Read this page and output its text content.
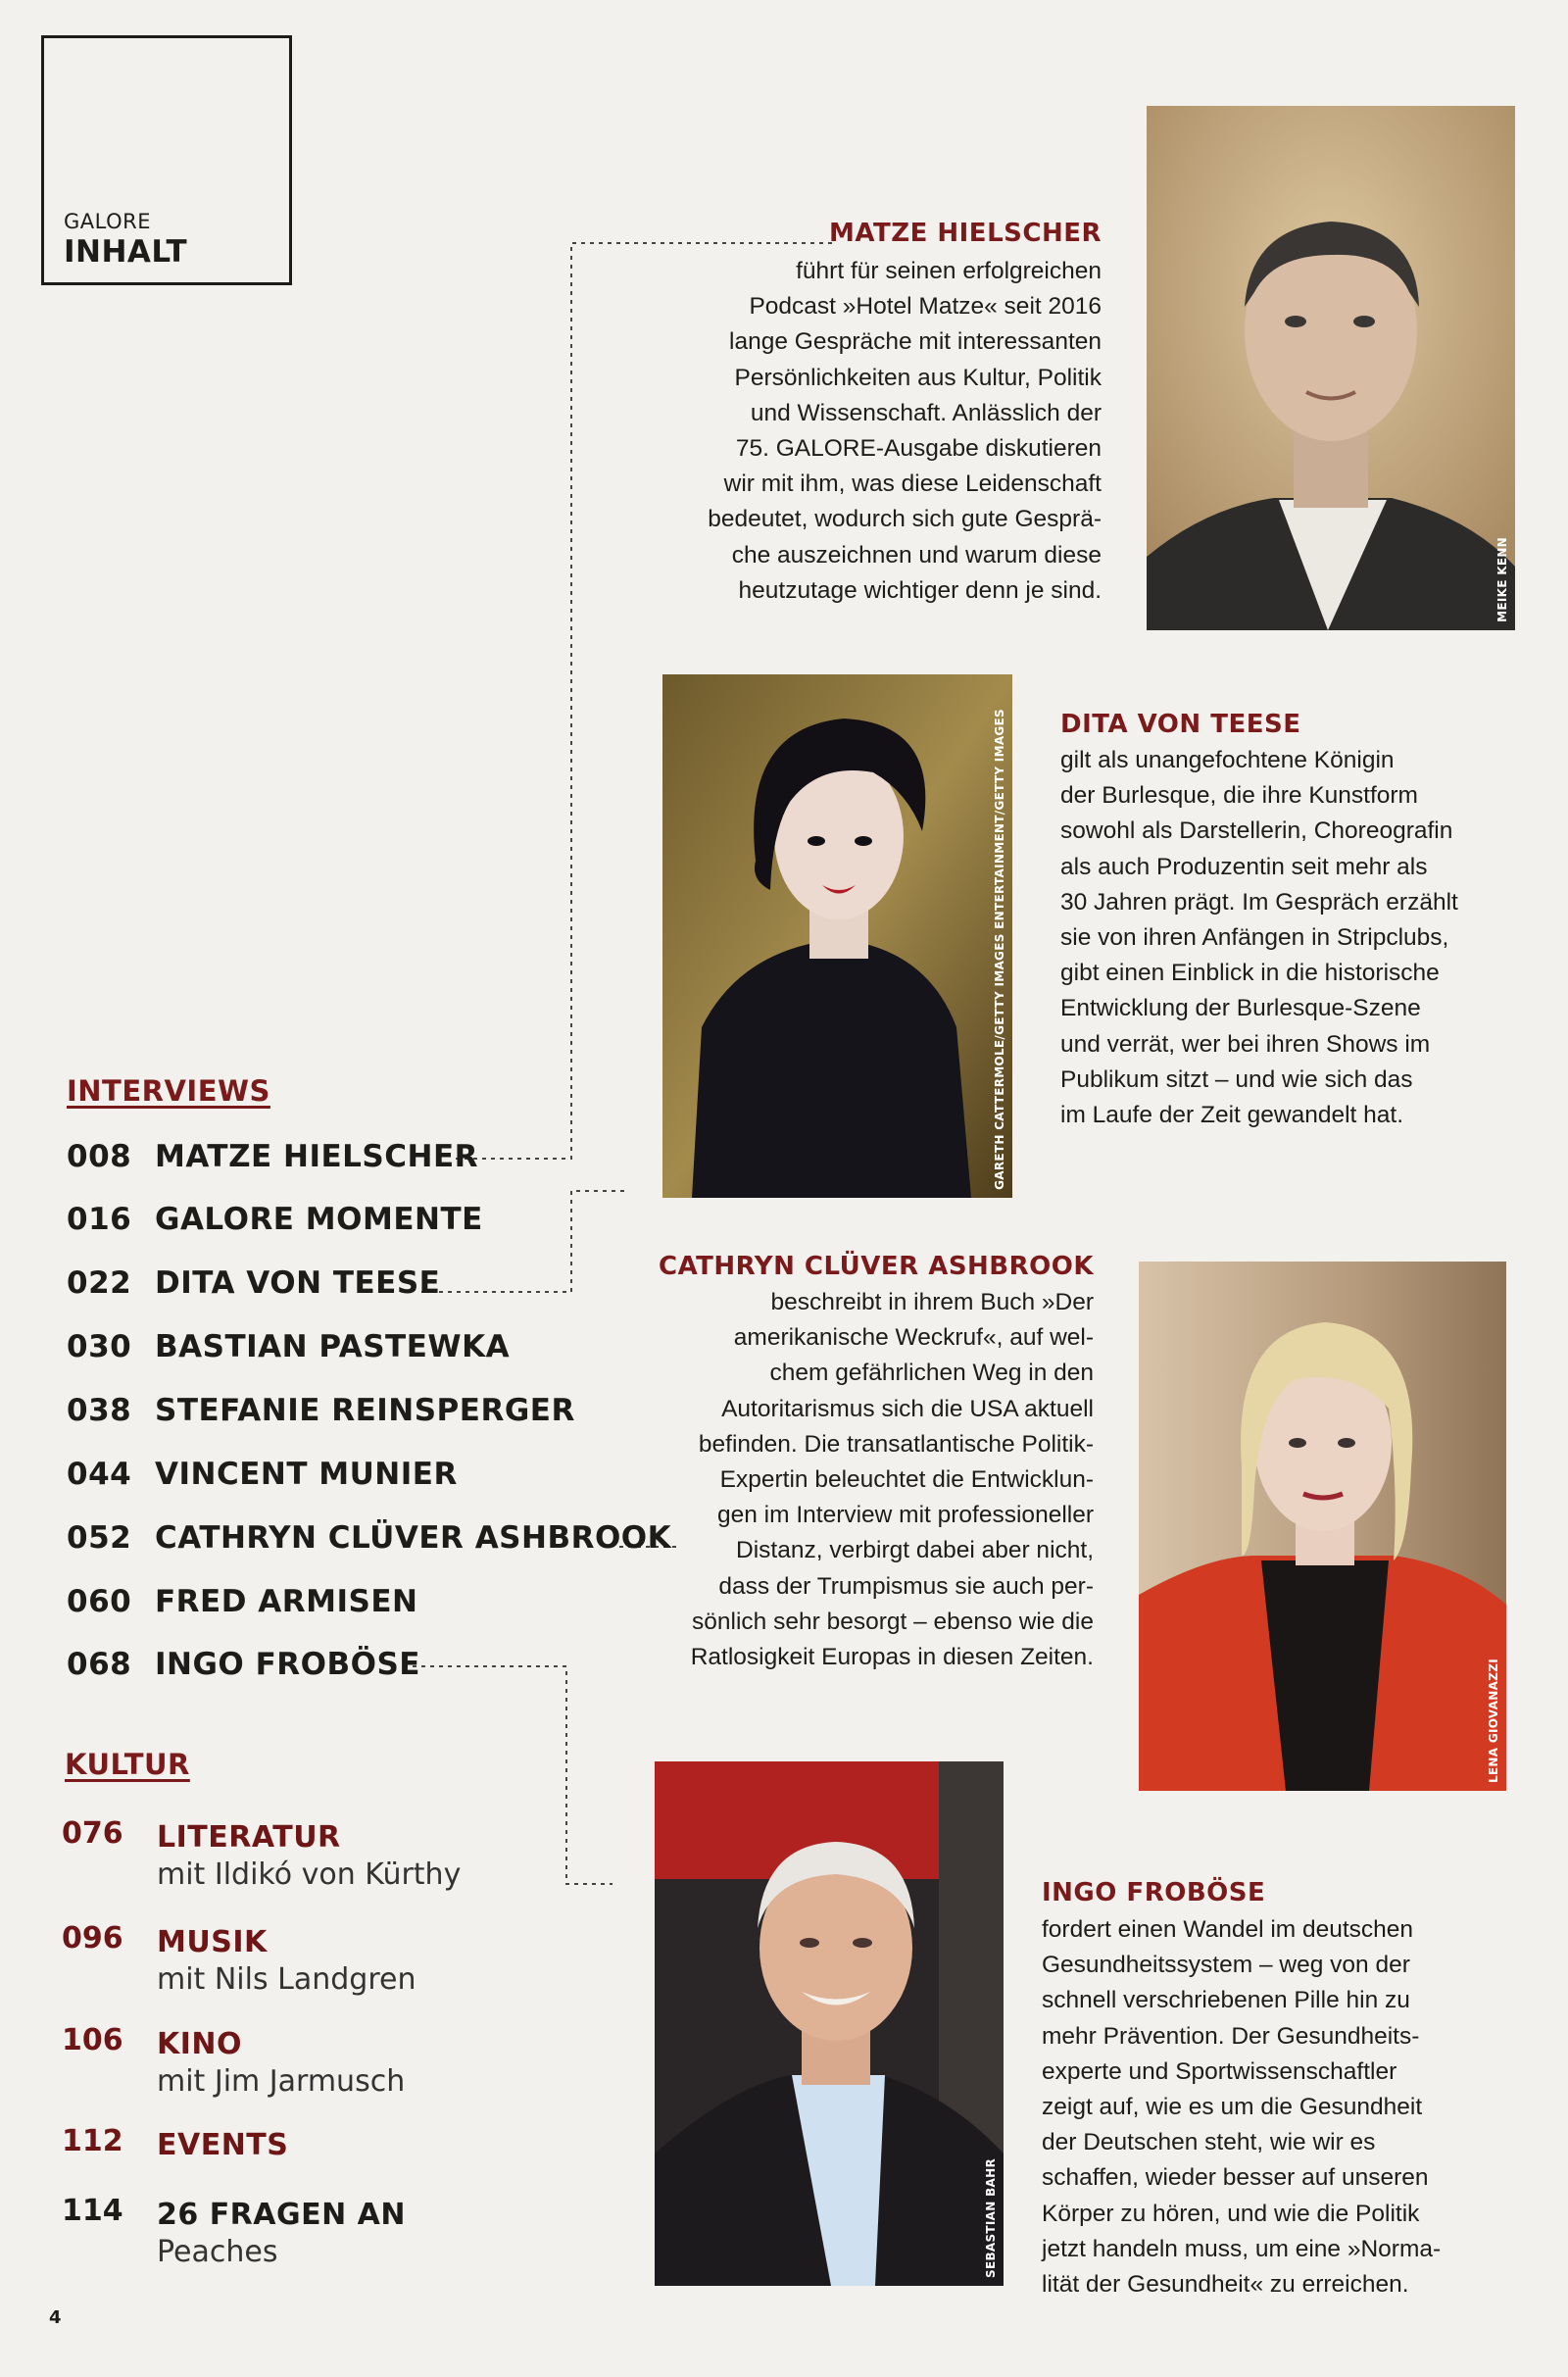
GALORE
INHALT
MEIKE KENN
GARETH CATTERMOLE/GETTY IMAGES ENTERTAINMENT/GETTY IMAGES
LENA GIOVANAZZI
SEBASTIAN BAHR
MATZE HIELSCHER
führt für seinen erfolgreichen
Podcast »Hotel Matze« seit 2016
lange Gespräche mit interessanten
Persönlichkeiten aus Kultur, Politik
und Wissenschaft. Anlässlich der
75. GALORE-Ausgabe diskutieren
wir mit ihm, was diese Leidenschaft
bedeutet, wodurch sich gute Gesprä-
che auszeichnen und warum diese
heutzutage wichtiger denn je sind.
DITA VON TEESE
gilt als unangefochtene Königin
der Burlesque, die ihre Kunstform
sowohl als Darstellerin, Choreografin
als auch Produzentin seit mehr als
30 Jahren prägt. Im Gespräch erzählt
sie von ihren Anfängen in Stripclubs,
gibt einen Einblick in die historische
Entwicklung der Burlesque-Szene
und verrät, wer bei ihren Shows im
Publikum sitzt – und wie sich das
im Laufe der Zeit gewandelt hat.
CATHRYN CLÜVER ASHBROOK
beschreibt in ihrem Buch »Der
amerikanische Weckruf«, auf wel-
chem gefährlichen Weg in den
Autoritarismus sich die USA aktuell
befinden. Die transatlantische Politik-
Expertin beleuchtet die Entwicklun-
gen im Interview mit professioneller
Distanz, verbirgt dabei aber nicht,
dass der Trumpismus sie auch per-
sönlich sehr besorgt – ebenso wie die
Ratlosigkeit Europas in diesen Zeiten.
INGO FROBÖSE
fordert einen Wandel im deutschen
Gesundheitssystem – weg von der
schnell verschriebenen Pille hin zu
mehr Prävention. Der Gesundheits-
experte und Sportwissenschaftler
zeigt auf, wie es um die Gesundheit
der Deutschen steht, wie wir es
schaffen, wieder besser auf unseren
Körper zu hören, und wie die Politik
jetzt handeln muss, um eine »Norma-
lität der Gesundheit« zu erreichen.
INTERVIEWS
008 MATZE HIELSCHER
016 GALORE MOMENTE
022 DITA VON TEESE
030 BASTIAN PASTEWKA
038 STEFANIE REINSPERGER
044 VINCENT MUNIER
052 CATHRYN CLÜVER ASHBROOK
060 FRED ARMISEN
068 INGO FROBÖSE
KULTUR
076 LITERATUR
mit Ildikó von Kürthy
096 MUSIK
mit Nils Landgren
106 KINO
mit Jim Jarmusch
112 EVENTS
114 26 FRAGEN AN
Peaches
4
